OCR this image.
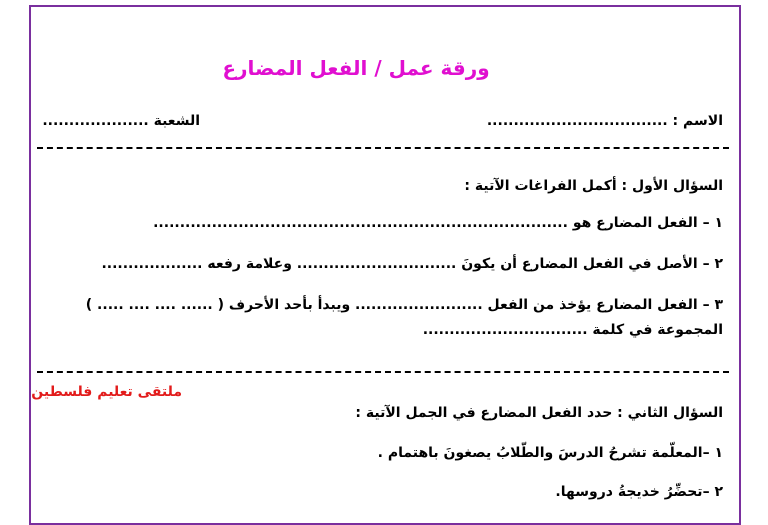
ورقة عمل / الفعل المضارع
الاسم : ..................................
الشعبة ....................
السؤال الأول : أكمل الفراغات الآتية :
١ – الفعل المضارع هو ..............................................................................
٢ – الأصل في الفعل المضارع أن يكونَ .............................. وعلامة رفعه ...................
٣ – الفعل المضارع يؤخذ من الفعل ........................ ويبدأ بأحد الأحرف ( ...... .... .... ..... )
المجموعة في كلمة ...............................
ملتقى تعليم فلسطين
السؤال الثاني : حدد الفعل المضارع في الجمل الآتية :
١ –المعلّمة تشرحُ الدرسَ والطّلابُ يصغونَ باهتمام .
٢ –تحضِّرُ خديجةُ دروسها.
